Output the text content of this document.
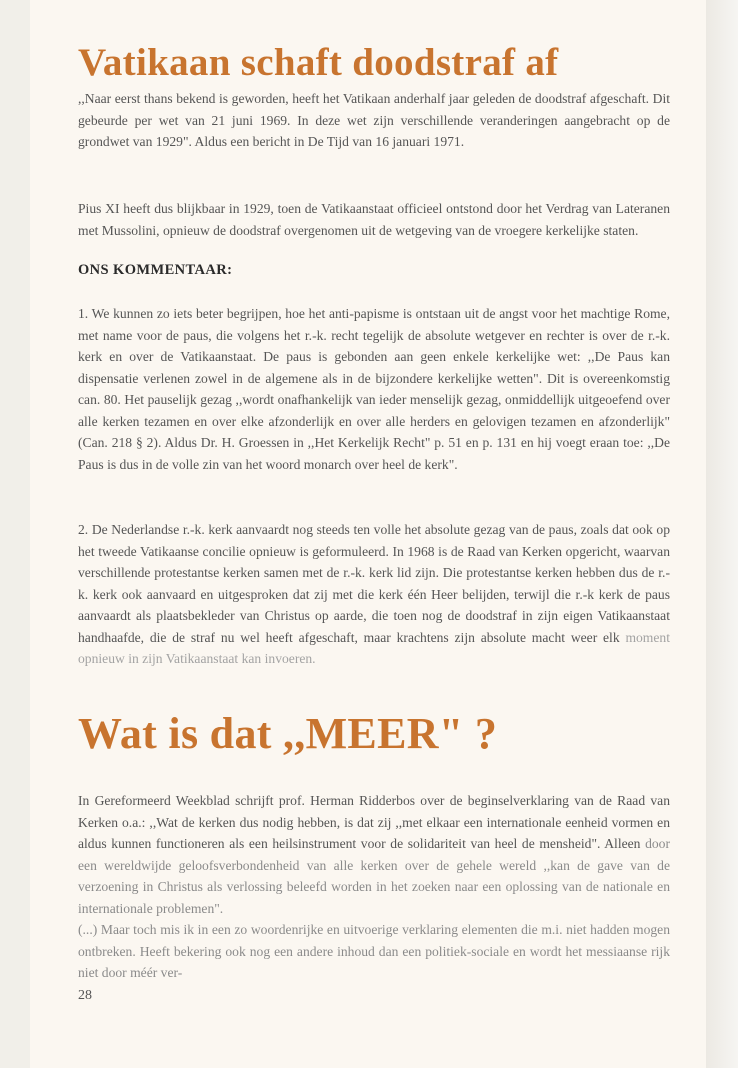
Vatikaan schaft doodstraf af

,,Naar eerst thans bekend is geworden, heeft het Vatikaan anderhalf jaar geleden de doodstraf afgeschaft. Dit gebeurde per wet van 21 juni 1969. In deze wet zijn verschillende veranderingen aangebracht op de grondwet van 1929". Aldus een bericht in De Tijd van 16 januari 1971.

Pius XI heeft dus blijkbaar in 1929, toen de Vatikaanstaat officieel ontstond door het Verdrag van Lateranen met Mussolini, opnieuw de doodstraf overgenomen uit de wetgeving van de vroegere kerkelijke staten.

ONS KOMMENTAAR:

1. We kunnen zo iets beter begrijpen, hoe het anti-papisme is ontstaan uit de angst voor het machtige Rome, met name voor de paus, die volgens het r.-k. recht tegelijk de absolute wetgever en rechter is over de r.-k. kerk en over de Vatikaanstaat. De paus is gebonden aan geen enkele kerkelijke wet: ,,De Paus kan dispensatie verlenen zowel in de algemene als in de bijzondere kerkelijke wetten". Dit is overeenkomstig can. 80. Het pauselijk gezag ,,wordt onafhankelijk van ieder menselijk gezag, onmiddellijk uitgeoefend over alle kerken tezamen en over elke afzonderlijk en over alle herders en gelovigen tezamen en afzonderlijk" (Can. 218 § 2). Aldus Dr. H. Groessen in ,,Het Kerkelijk Recht" p. 51 en p. 131 en hij voegt eraan toe: ,,De Paus is dus in de volle zin van het woord monarch over heel de kerk".

2. De Nederlandse r.-k. kerk aanvaardt nog steeds ten volle het absolute gezag van de paus, zoals dat ook op het tweede Vatikaanse concilie opnieuw is geformuleerd. In 1968 is de Raad van Kerken opgericht, waarvan verschillende protestantse kerken samen met de r.-k. kerk lid zijn. Die protestantse kerken hebben dus de r.-k. kerk ook aanvaard en uitgesproken dat zij met die kerk één Heer belijden, terwijl die r.-k kerk de paus aanvaardt als plaatsbekleder van Christus op aarde, die toen nog de doodstraf in zijn eigen Vatikaanstaat handhaafde, die de straf nu wel heeft afgeschaft, maar krachtens zijn absolute macht weer elk moment opnieuw in zijn Vatikaanstaat kan invoeren.

Wat is dat ,,MEER" ?

In Gereformeerd Weekblad schrijft prof. Herman Ridderbos over de beginselverklaring van de Raad van Kerken o.a.: ,,Wat de kerken dus nodig hebben, is dat zij ,,met elkaar een internationale eenheid vormen en aldus kunnen functioneren als een heilsinstrument voor de solidariteit van heel de mensheid". Alleen door een wereldwijde geloofsverbondenheid van alle kerken over de gehele wereld ,,kan de gave van de verzoening in Christus als verlossing beleefd worden in het zoeken naar een oplossing van de nationale en internationale problemen".

(...) Maar toch mis ik in een zo woordenrijke en uitvoerige verklaring elementen die m.i. niet hadden mogen ontbreken. Heeft bekering ook nog een andere inhoud dan een politiek-sociale en wordt het messiaanse rijk niet door méér ver-

28
